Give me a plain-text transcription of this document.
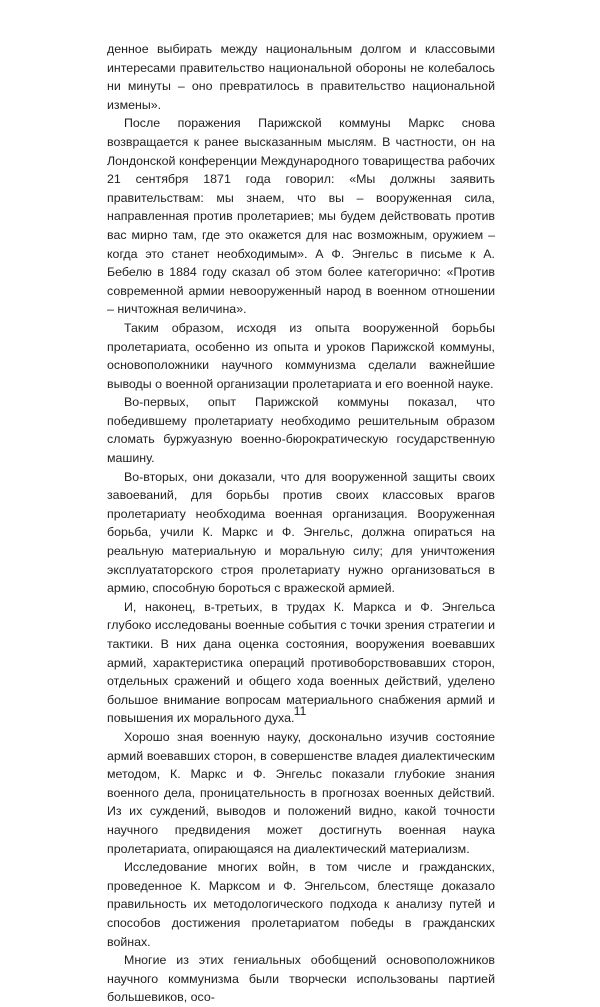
денное выбирать между национальным долгом и классовыми интересами правительство национальной обороны не колебалось ни минуты – оно превратилось в правительство национальной измены».

После поражения Парижской коммуны Маркс снова возвращается к ранее высказанным мыслям. В частности, он на Лондонской конференции Международного товарищества рабочих 21 сентября 1871 года говорил: «Мы должны заявить правительствам: мы знаем, что вы – вооруженная сила, направленная против пролетариев; мы будем действовать против вас мирно там, где это окажется для нас возможным, оружием – когда это станет необходимым». А Ф. Энгельс в письме к А. Бебелю в 1884 году сказал об этом более категорично: «Против современной армии невооруженный народ в военном отношении – ничтожная величина».

Таким образом, исходя из опыта вооруженной борьбы пролетариата, особенно из опыта и уроков Парижской коммуны, основоположники научного коммунизма сделали важнейшие выводы о военной организации пролетариата и его военной науке.

Во-первых, опыт Парижской коммуны показал, что победившему пролетариату необходимо решительным образом сломать буржуазную военно-бюрократическую государственную машину.

Во-вторых, они доказали, что для вооруженной защиты своих завоеваний, для борьбы против своих классовых врагов пролетариату необходима военная организация. Вооруженная борьба, учили К. Маркс и Ф. Энгельс, должна опираться на реальную материальную и моральную силу; для уничтожения эксплуататорского строя пролетариату нужно организоваться в армию, способную бороться с вражеской армией.

И, наконец, в-третьих, в трудах К. Маркса и Ф. Энгельса глубоко исследованы военные события с точки зрения стратегии и тактики. В них дана оценка состояния, вооружения воевавших армий, характеристика операций противоборствовавших сторон, отдельных сражений и общего хода военных действий, уделено большое внимание вопросам материального снабжения армий и повышения их морального духа.

Хорошо зная военную науку, досконально изучив состояние армий воевавших сторон, в совершенстве владея диалектическим методом, К. Маркс и Ф. Энгельс показали глубокие знания военного дела, проницательность в прогнозах военных действий. Из их суждений, выводов и положений видно, какой точности научного предвидения может достигнуть военная наука пролетариата, опирающаяся на диалектический материализм.

Исследование многих войн, в том числе и гражданских, проведенное К. Марксом и Ф. Энгельсом, блестяще доказало правильность их методологического подхода к анализу путей и способов достижения пролетариатом победы в гражданских войнах.

Многие из этих гениальных обобщений основоположников научного коммунизма были творчески использованы партией большевиков, осо-

11
